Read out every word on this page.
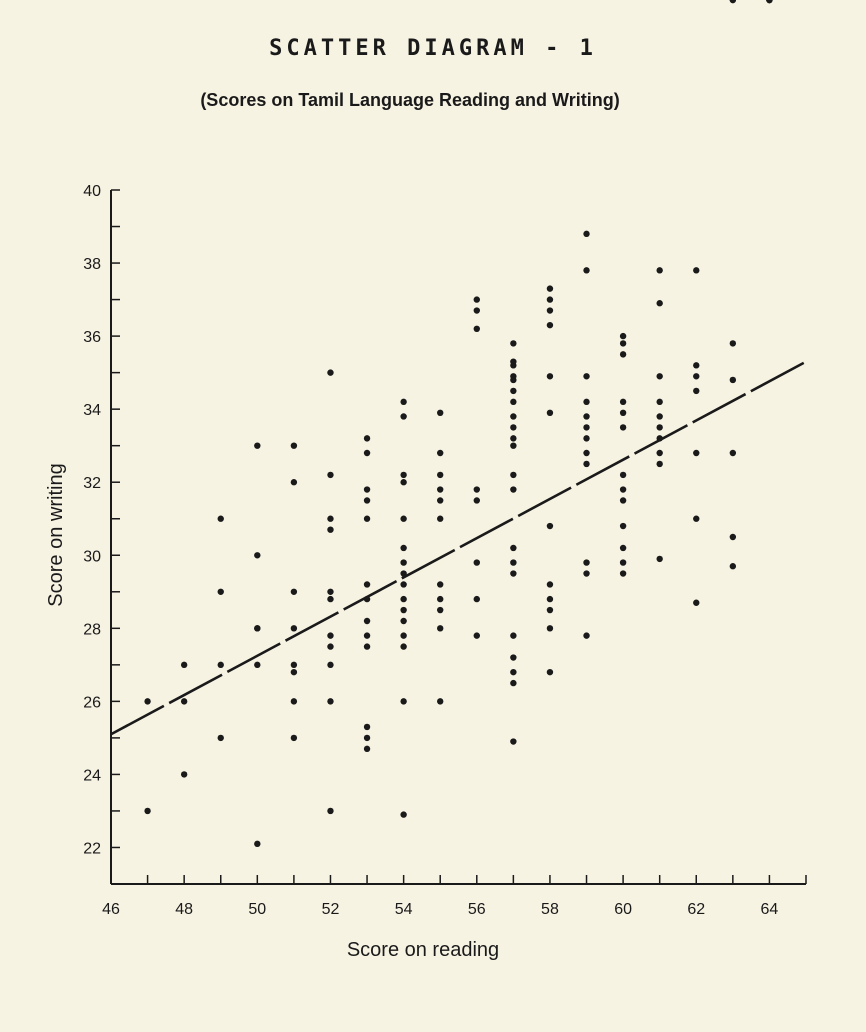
SCATTER DIAGRAM - 1
(Scores on Tamil Language Reading and Writing)
22
24
26
28
30
32
34
36
38
40
46	48	50	52	54	56	58	60	62	64
Score on reading
Score on writing
